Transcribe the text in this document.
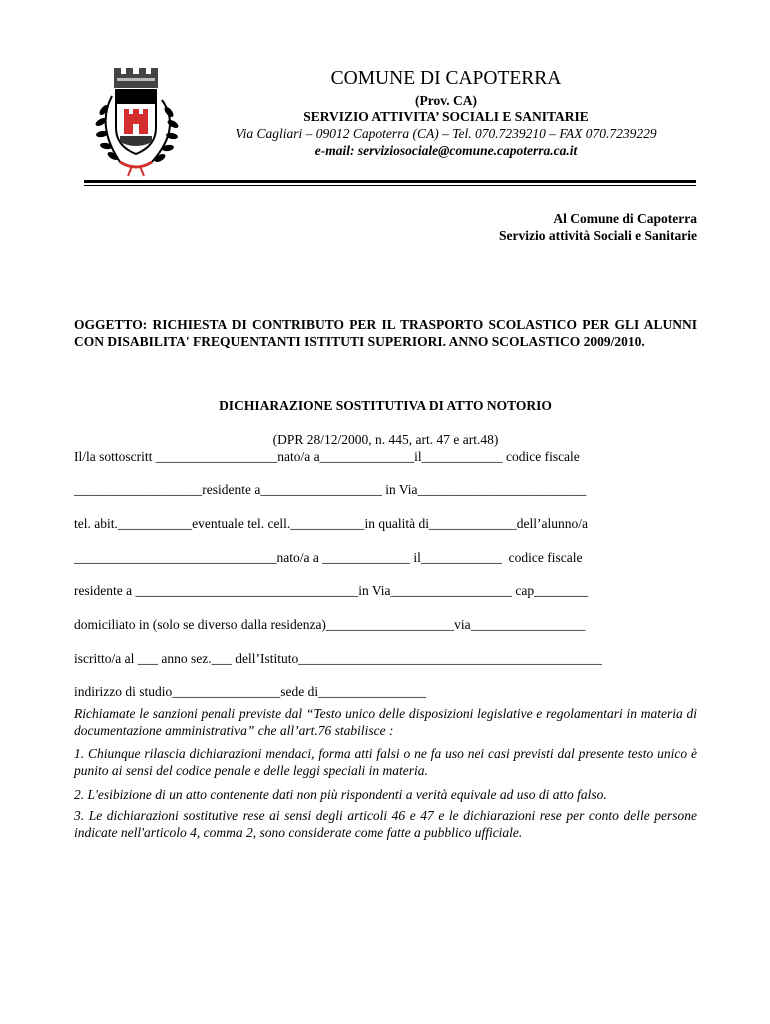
COMUNE DI CAPOTERRA
(Prov. CA)
SERVIZIO ATTIVITA’ SOCIALI E SANITARIE
Via Cagliari – 09012 Capoterra (CA) – Tel. 070.7239210 – FAX 070.7239229
e-mail: serviziosociale@comune.capoterra.ca.it
Al Comune di Capoterra
Servizio attività Sociali e Sanitarie
OGGETTO: RICHIESTA DI CONTRIBUTO PER IL TRASPORTO SCOLASTICO PER GLI ALUNNI CON DISABILITA' FREQUENTANTI ISTITUTI SUPERIORI. ANNO SCOLASTICO 2009/2010.
DICHIARAZIONE SOSTITUTIVA DI ATTO NOTORIO
(DPR 28/12/2000, n. 445, art. 47 e art.48)
Il/la sottoscritt __________________nato/a a______________il____________ codice fiscale
___________________residente a__________________ in Via_________________________
tel. abit.___________eventuale tel. cell.___________in qualità di_____________dell’alunno/a
______________________________nato/a a _____________ il____________  codice fiscale
residente a _________________________________in Via__________________ cap________
domiciliato in (solo se diverso dalla residenza)___________________via_________________
iscritto/a al ___ anno sez.___ dell’Istituto_____________________________________________
indirizzo di studio________________sede di________________
Richiamate le sanzioni penali previste dal “Testo unico delle disposizioni legislative e regolamentari in materia di documentazione amministrativa” che all’art.76 stabilisce :
1. Chiunque rilascia dichiarazioni mendaci, forma atti falsi o ne fa uso nei casi previsti dal presente testo unico è punito ai sensi del codice penale e delle leggi speciali in materia.
2. L'esibizione di un atto contenente dati non più rispondenti a verità equivale ad uso di atto falso.
3. Le dichiarazioni sostitutive rese ai sensi degli articoli 46 e 47 e le dichiarazioni rese per conto delle persone indicate nell'articolo 4, comma 2, sono considerate come fatte a pubblico ufficiale.
